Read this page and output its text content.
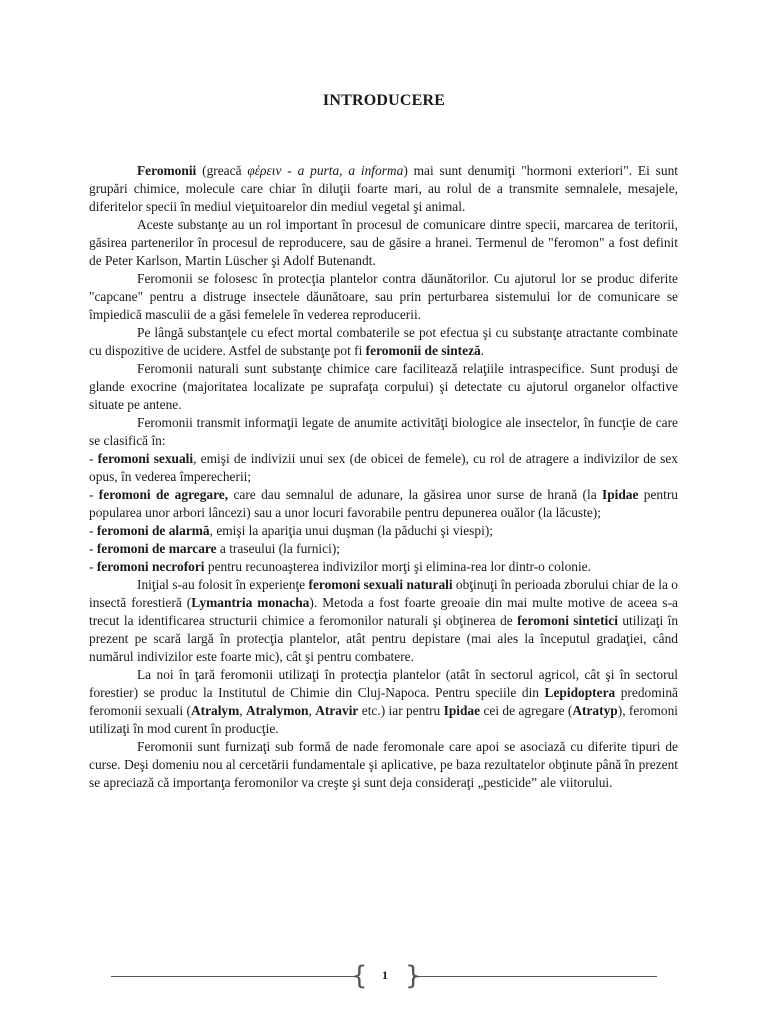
INTRODUCERE

Feromonii (greacă φέρειν - a purta, a informa) mai sunt denumiţi "hormoni exteriori". Ei sunt grupări chimice, molecule care chiar în diluţii foarte mari, au rolul de a transmite semnalele, mesajele, diferitelor specii în mediul vieţuitoarelor din mediul vegetal şi animal.

Aceste substanţe au un rol important în procesul de comunicare dintre specii, marcarea de teritorii, găsirea partenerilor în procesul de reproducere, sau de găsire a hranei. Termenul de "feromon" a fost definit de Peter Karlson, Martin Lüscher şi Adolf Butenandt.

Feromonii se folosesc în protecţia plantelor contra dăunătorilor. Cu ajutorul lor se produc diferite "capcane" pentru a distruge insectele dăunătoare, sau prin perturbarea sistemului lor de comunicare se împiedică masculii de a găsi femelele în vederea reproducerii.

Pe lângă substanţele cu efect mortal combaterile se pot efectua şi cu substanţe atractante combinate cu dispozitive de ucidere. Astfel de substanţe pot fi feromonii de sinteză.

Feromonii naturali sunt substanţe chimice care facilitează relaţiile intraspecifice. Sunt produşi de glande exocrine (majoritatea localizate pe suprafaţa corpului) şi detectate cu ajutorul organelor olfactive situate pe antene.

Feromonii transmit informaţii legate de anumite activităţi biologice ale insectelor, în funcţie de care se clasifică în:

- feromoni sexuali, emişi de indivizii unui sex (de obicei de femele), cu rol de atragere a indivizilor de sex opus, în vederea împerecherii;

- feromoni de agregare, care dau semnalul de adunare, la găsirea unor surse de hrană (la Ipidae pentru popularea unor arbori lâncezi) sau a unor locuri favorabile pentru depunerea ouălor (la lăcuste);

- feromoni de alarmă, emişi la apariţia unui duşman (la păduchi şi viespi);

- feromoni de marcare a traseului (la furnici);

- feromoni necrofori pentru recunoaşterea indivizilor morţi şi elimina-rea lor dintr-o colonie.

Iniţial s-au folosit în experienţe feromoni sexuali naturali obţinuţi în perioada zborului chiar de la o insectă forestieră (Lymantria monacha). Metoda a fost foarte greoaie din mai multe motive de aceea s-a trecut la identificarea structurii chimice a feromonilor naturali şi obţinerea de feromoni sintetici utilizaţi în prezent pe scară largă în protecţia plantelor, atât pentru depistare (mai ales la începutul gradaţiei, când numărul indivizilor este foarte mic), cât şi pentru combatere.

La noi în ţară feromonii utilizaţi în protecţia plantelor (atât în sectorul agricol, cât şi în sectorul forestier) se produc la Institutul de Chimie din Cluj-Napoca. Pentru speciile din Lepidoptera predomină feromonii sexuali (Atralym, Atralymon, Atravir etc.) iar pentru Ipidae cei de agregare (Atratyp), feromoni utilizaţi în mod curent în producţie.

Feromonii sunt furnizaţi sub formă de nade feromonale care apoi se asociază cu diferite tipuri de curse. Deşi domeniu nou al cercetării fundamentale şi aplicative, pe baza rezultatelor obţinute până în prezent se apreciază că importanţa feromonilor va creşte şi sunt deja consideraţi „pesticide” ale viitorului.

{	1 }
